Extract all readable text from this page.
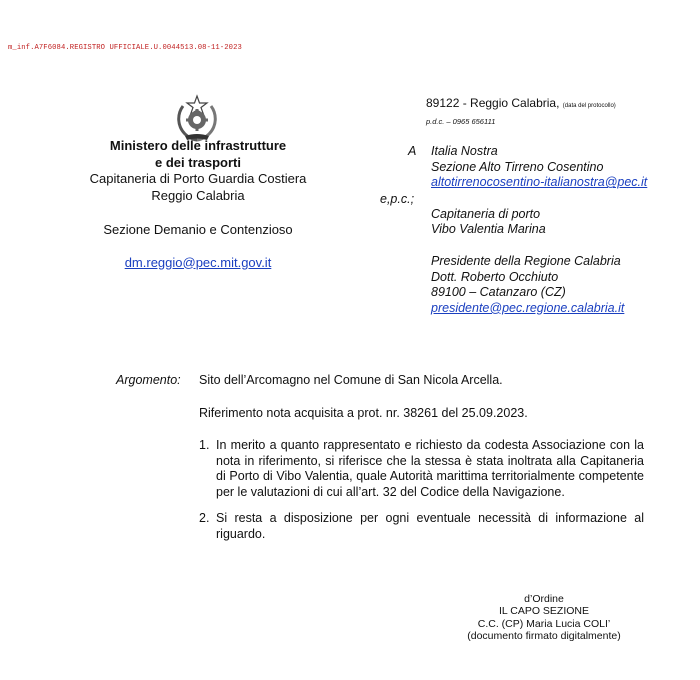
m_inf.A7F6084.REGISTRO UFFICIALE.U.0044513.08-11-2023
Ministero delle infrastrutture
e dei trasporti
Capitaneria di Porto Guardia Costiera
Reggio Calabria
Sezione Demanio e Contenzioso
dm.reggio@pec.mit.gov.it
89122 - Reggio Calabria, (data del protocollo)
p.d.c. – 0965 656111
A
e,p.c.;
Italia Nostra
Sezione Alto Tirreno Cosentino
altotirrenocosentino-italianostra@pec.it
Capitaneria di porto
Vibo Valentia Marina
Presidente della Regione Calabria
Dott. Roberto Occhiuto
89100 – Catanzaro (CZ)
presidente@pec.regione.calabria.it
Argomento: Sito dell’Arcomagno nel Comune di San Nicola Arcella.
Riferimento nota acquisita a prot. nr. 38261 del 25.09.2023.
1. In merito a quanto rappresentato e richiesto da codesta Associazione con la nota in riferimento, si riferisce che la stessa è stata inoltrata alla Capitaneria di Porto di Vibo Valentia, quale Autorità marittima territorialmente competente per le valutazioni di cui all’art. 32 del Codice della Navigazione.
2. Si resta a disposizione per ogni eventuale necessità di informazione al riguardo.
d’Ordine
IL CAPO SEZIONE
C.C. (CP) Maria Lucia COLI’
(documento firmato digitalmente)
